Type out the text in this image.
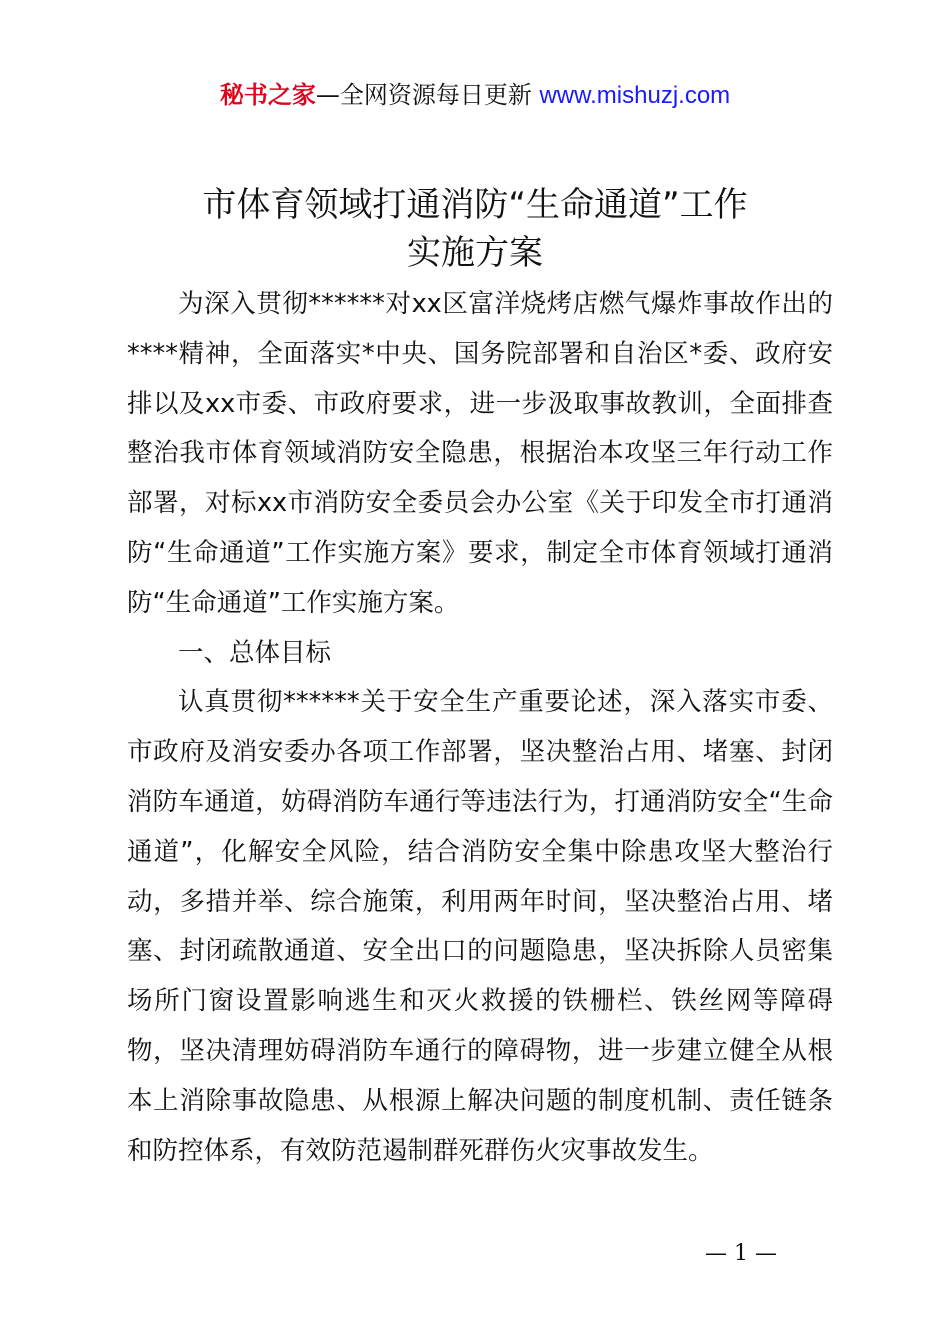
秘书之家—全网资源每日更新 www.mishuzj.com
市体育领域打通消防“生命通道”工作
实施方案

为深入贯彻******对xx区富洋烧烤店燃气爆炸事故作出的****精神，全面落实*中央、国务院部署和自治区*委、政府安排以及xx市委、市政府要求，进一步汲取事故教训，全面排查整治我市体育领域消防安全隐患，根据治本攻坚三年行动工作部署，对标xx市消防安全委员会办公室《关于印发全市打通消防“生命通道”工作实施方案》要求，制定全市体育领域打通消防“生命通道”工作实施方案。

一、总体目标

认真贯彻******关于安全生产重要论述，深入落实市委、市政府及消安委办各项工作部署，坚决整治占用、堵塞、封闭消防车通道，妨碍消防车通行等违法行为，打通消防安全“生命通道”，化解安全风险，结合消防安全集中除患攻坚大整治行动，多措并举、综合施策，利用两年时间，坚决整治占用、堵塞、封闭疏散通道、安全出口的问题隐患，坚决拆除人员密集场所门窗设置影响逃生和灭火救援的铁栅栏、铁丝网等障碍物，坚决清理妨碍消防车通行的障碍物，进一步建立健全从根本上消除事故隐患、从根源上解决问题的制度机制、责任链条和防控体系，有效防范遏制群死群伤火灾事故发生。

— 1 —
